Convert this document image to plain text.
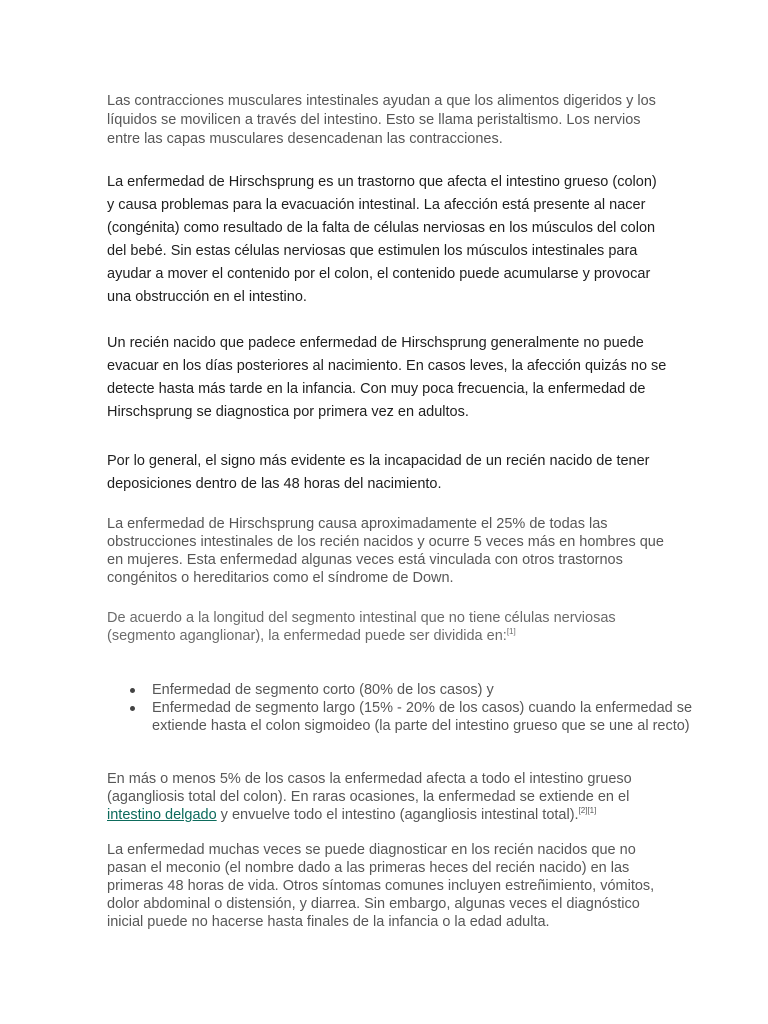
Las contracciones musculares intestinales ayudan a que los alimentos digeridos y los líquidos se movilicen a través del intestino. Esto se llama peristaltismo. Los nervios entre las capas musculares desencadenan las contracciones.

La enfermedad de Hirschsprung es un trastorno que afecta el intestino grueso (colon) y causa problemas para la evacuación intestinal. La afección está presente al nacer (congénita) como resultado de la falta de células nerviosas en los músculos del colon del bebé. Sin estas células nerviosas que estimulen los músculos intestinales para ayudar a mover el contenido por el colon, el contenido puede acumularse y provocar una obstrucción en el intestino.

Un recién nacido que padece enfermedad de Hirschsprung generalmente no puede evacuar en los días posteriores al nacimiento. En casos leves, la afección quizás no se detecte hasta más tarde en la infancia. Con muy poca frecuencia, la enfermedad de Hirschsprung se diagnostica por primera vez en adultos.

Por lo general, el signo más evidente es la incapacidad de un recién nacido de tener deposiciones dentro de las 48 horas del nacimiento.

La enfermedad de Hirschsprung causa aproximadamente el 25% de todas las obstrucciones intestinales de los recién nacidos y ocurre 5 veces más en hombres que en mujeres. Esta enfermedad algunas veces está vinculada con otros trastornos congénitos o hereditarios como el síndrome de Down.

De acuerdo a la longitud del segmento intestinal que no tiene células nerviosas (segmento aganglionar), la enfermedad puede ser dividida en:[1]

Enfermedad de segmento corto (80% de los casos) y
Enfermedad de segmento largo (15% - 20% de los casos) cuando la enfermedad se extiende hasta el colon sigmoideo (la parte del intestino grueso que se une al recto)

En más o menos 5% de los casos la enfermedad afecta a todo el intestino grueso (agangliosis total del colon). En raras ocasiones, la enfermedad se extiende en el intestino delgado y envuelve todo el intestino (agangliosis intestinal total).[2][1]

La enfermedad muchas veces se puede diagnosticar en los recién nacidos que no pasan el meconio (el nombre dado a las primeras heces del recién nacido) en las primeras 48 horas de vida. Otros síntomas comunes incluyen estreñimiento, vómitos, dolor abdominal o distensión, y diarrea. Sin embargo, algunas veces el diagnóstico inicial puede no hacerse hasta finales de la infancia o la edad adulta.
